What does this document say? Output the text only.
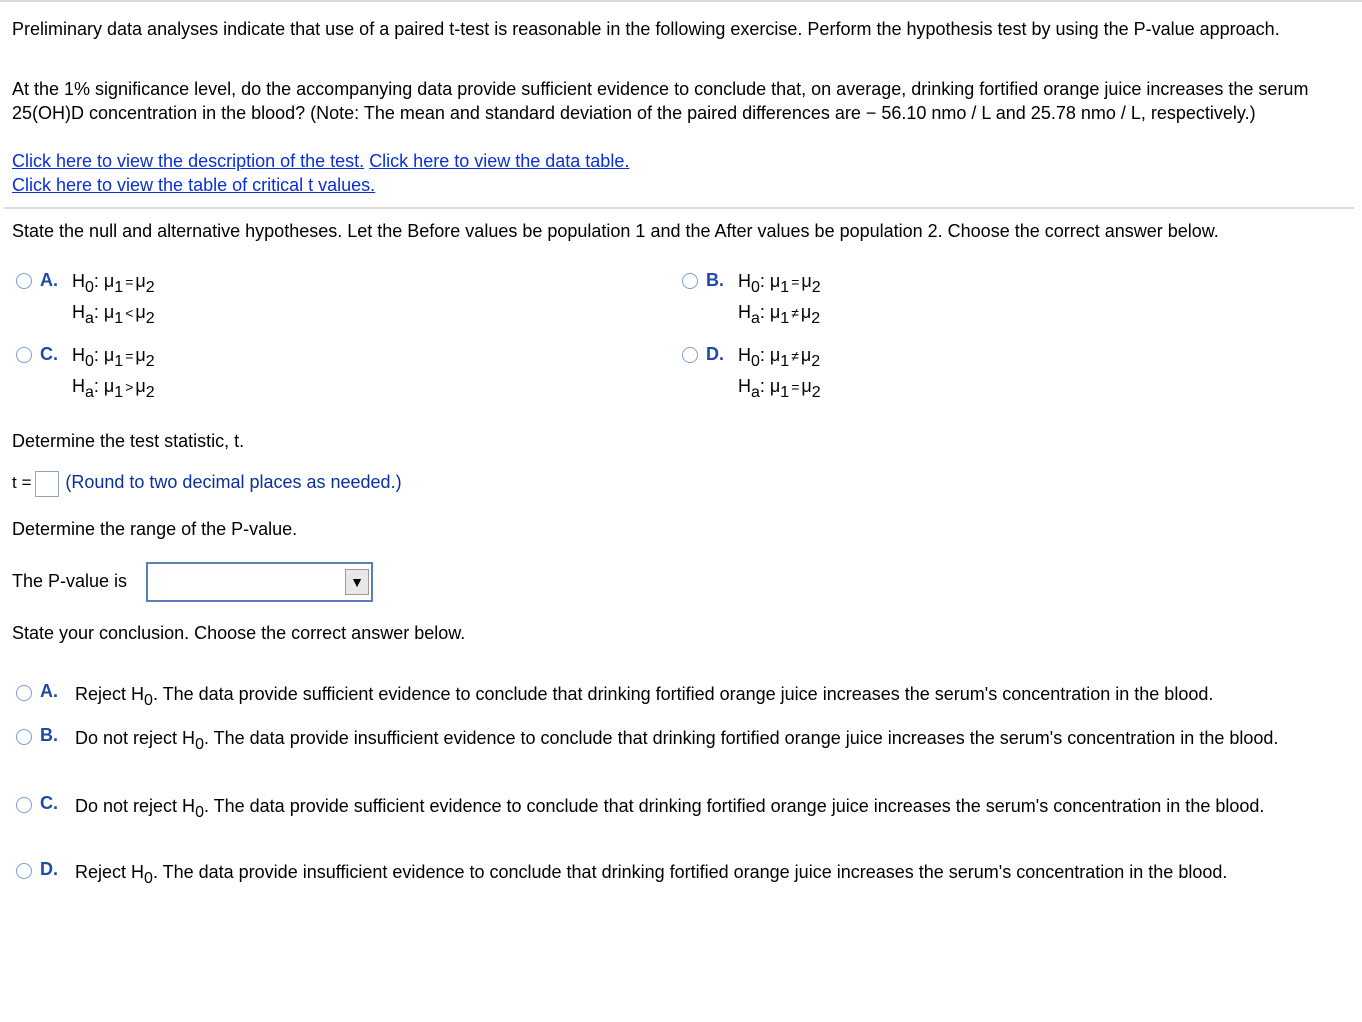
Preliminary data analyses indicate that use of a paired t-test is reasonable in the following exercise. Perform the hypothesis test by using the P-value approach.
At the 1% significance level, do the accompanying data provide sufficient evidence to conclude that, on average, drinking fortified orange juice increases the serum 25(OH)D concentration in the blood? (Note: The mean and standard deviation of the paired differences are − 56.10 nmo / L and 25.78 nmo / L, respectively.)
Click here to view the description of the test. Click here to view the data table.
Click here to view the table of critical t values.
State the null and alternative hypotheses. Let the Before values be population 1 and the After values be population 2. Choose the correct answer below.
A. $H_0$: $\mu_1 = \mu_2$
$H_a$: $\mu_1 < \mu_2$
B. $H_0$: $\mu_1 = \mu_2$
$H_a$: $\mu_1 \ne \mu_2$
C. $H_0$: $\mu_1 = \mu_2$
$H_a$: $\mu_1 > \mu_2$
D. $H_0$: $\mu_1 \ne \mu_2$
$H_a$: $\mu_1 = \mu_2$
Determine the test statistic, t.
t = (Round to two decimal places as needed.)
Determine the range of the P-value.
The P-value is	▼
State your conclusion. Choose the correct answer below.
A. Reject $H_0$. The data provide sufficient evidence to conclude that drinking fortified orange juice increases the serum's concentration in the blood.
B. Do not reject $H_0$. The data provide insufficient evidence to conclude that drinking fortified orange juice increases the serum's concentration in the blood.
C. Do not reject $H_0$. The data provide sufficient evidence to conclude that drinking fortified orange juice increases the serum's concentration in the blood.
D. Reject $H_0$. The data provide insufficient evidence to conclude that drinking fortified orange juice increases the serum's concentration in the blood.
